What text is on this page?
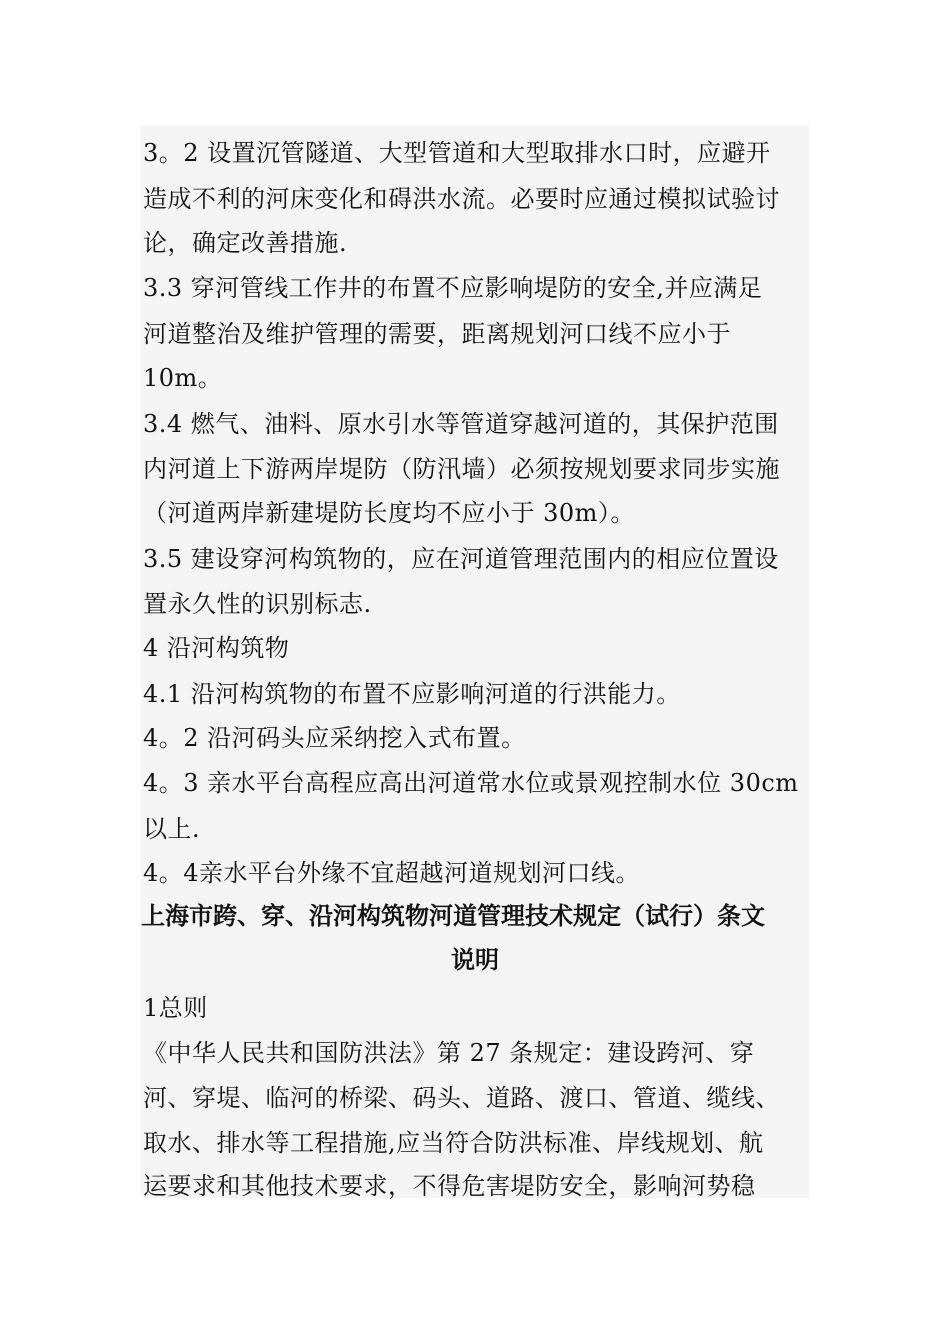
3。2 设置沉管隧道、大型管道和大型取排水口时，应避开
造成不利的河床变化和碍洪水流。必要时应通过模拟试验讨
论，确定改善措施.
3.3 穿河管线工作井的布置不应影响堤防的安全,并应满足
河道整治及维护管理的需要，距离规划河口线不应小于
10m。
3.4 燃气、油料、原水引水等管道穿越河道的，其保护范围
内河道上下游两岸堤防（防汛墙）必须按规划要求同步实施
（河道两岸新建堤防长度均不应小于 30m）。
3.5 建设穿河构筑物的，应在河道管理范围内的相应位置设
置永久性的识别标志.
4 沿河构筑物
4.1 沿河构筑物的布置不应影响河道的行洪能力。
4。2 沿河码头应采纳挖入式布置。
4。3 亲水平台高程应高出河道常水位或景观控制水位 30cm
以上.
4。4亲水平台外缘不宜超越河道规划河口线。
上海市跨、穿、沿河构筑物河道管理技术规定（试行）条文
说明
1总则
《中华人民共和国防洪法》第 27 条规定：建设跨河、穿
河、穿堤、临河的桥梁、码头、道路、渡口、管道、缆线、
取水、排水等工程措施,应当符合防洪标准、岸线规划、航
运要求和其他技术要求，不得危害堤防安全，影响河势稳
